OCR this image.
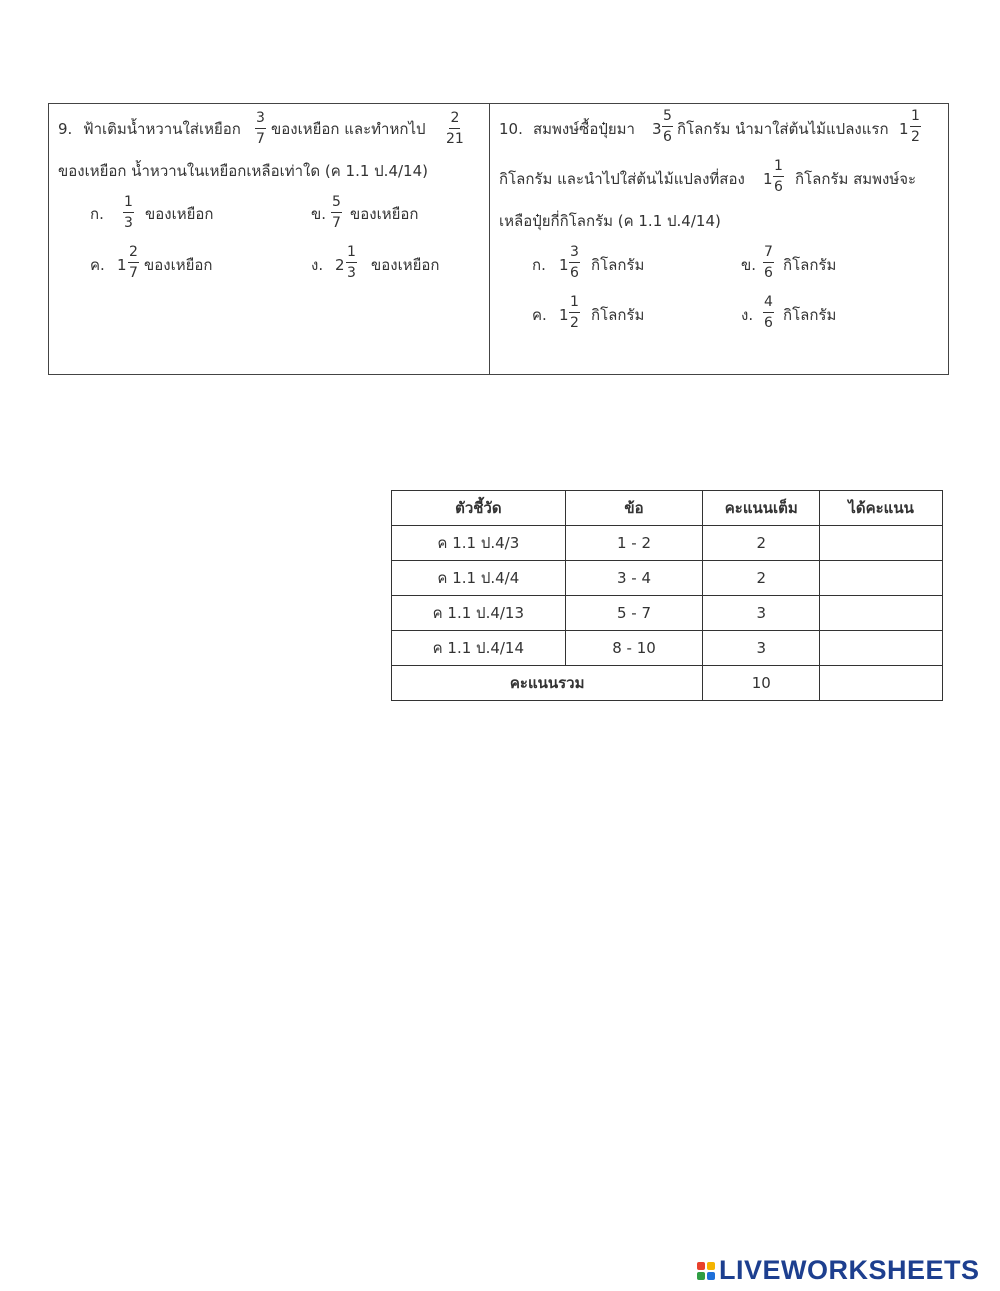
9. ฟ้าเติมน้ำหวานใส่เหยือก $\frac{3}{7}$ ของเหยือก และทำหกไป $\frac{2}{21}$
ของเหยือก น้ำหวานในเหยือกเหลือเท่าใด (ค 1.1 ป.4/14)
ก. $\frac{1}{3}$ ของเหยือก	ข. $\frac{5}{7}$ ของเหยือก
ค. $1 \frac{2}{7}$ ของเหยือก	ง. $2 \frac{1}{3}$ ของเหยือก
10. สมพงษ์ซื้อปุ๋ยมา $3 \frac{5}{6}$ กิโลกรัม นำมาใส่ต้นไม้แปลงแรก $1 \frac{1}{2}$
กิโลกรัม และนำไปใส่ต้นไม้แปลงที่สอง $1 \frac{1}{6}$ กิโลกรัม สมพงษ์จะ
เหลือปุ๋ยกี่กิโลกรัม (ค 1.1 ป.4/14)
ก. $1 \frac{3}{6}$ กิโลกรัม	ข. $\frac{7}{6}$ กิโลกรัม
ค. $1 \frac{1}{2}$ กิโลกรัม	ง. $\frac{4}{6}$ กิโลกรัม
ตัวชี้วัด	ข้อ	คะแนนเต็ม	ได้คะแนน
ค 1.1 ป.4/3	1 - 2	2	
ค 1.1 ป.4/4	3 - 4	2	
ค 1.1 ป.4/13	5 - 7	3	
ค 1.1 ป.4/14	8 - 10	3	
คะแนนรวม		10	
LIVEWORKSHEETS
